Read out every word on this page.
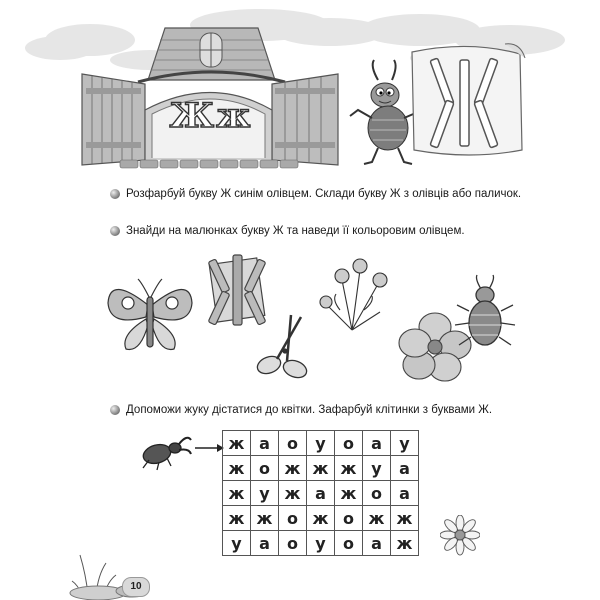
Жж
Розфарбуй букву Ж синім олівцем. Склади букву Ж з олівців або паличок.
Знайди на малюнках букву Ж та наведи її кольоровим олівцем.
Допоможи жуку дістатися до квітки. Зафарбуй клітинки з буквами Ж.
ж	а	о	у	о	а	у
ж	о	ж	ж	ж	у	а
ж	у	ж	а	ж	о	а
ж	ж	о	ж	о	ж	ж
у	а	о	у	о	а	ж
10
